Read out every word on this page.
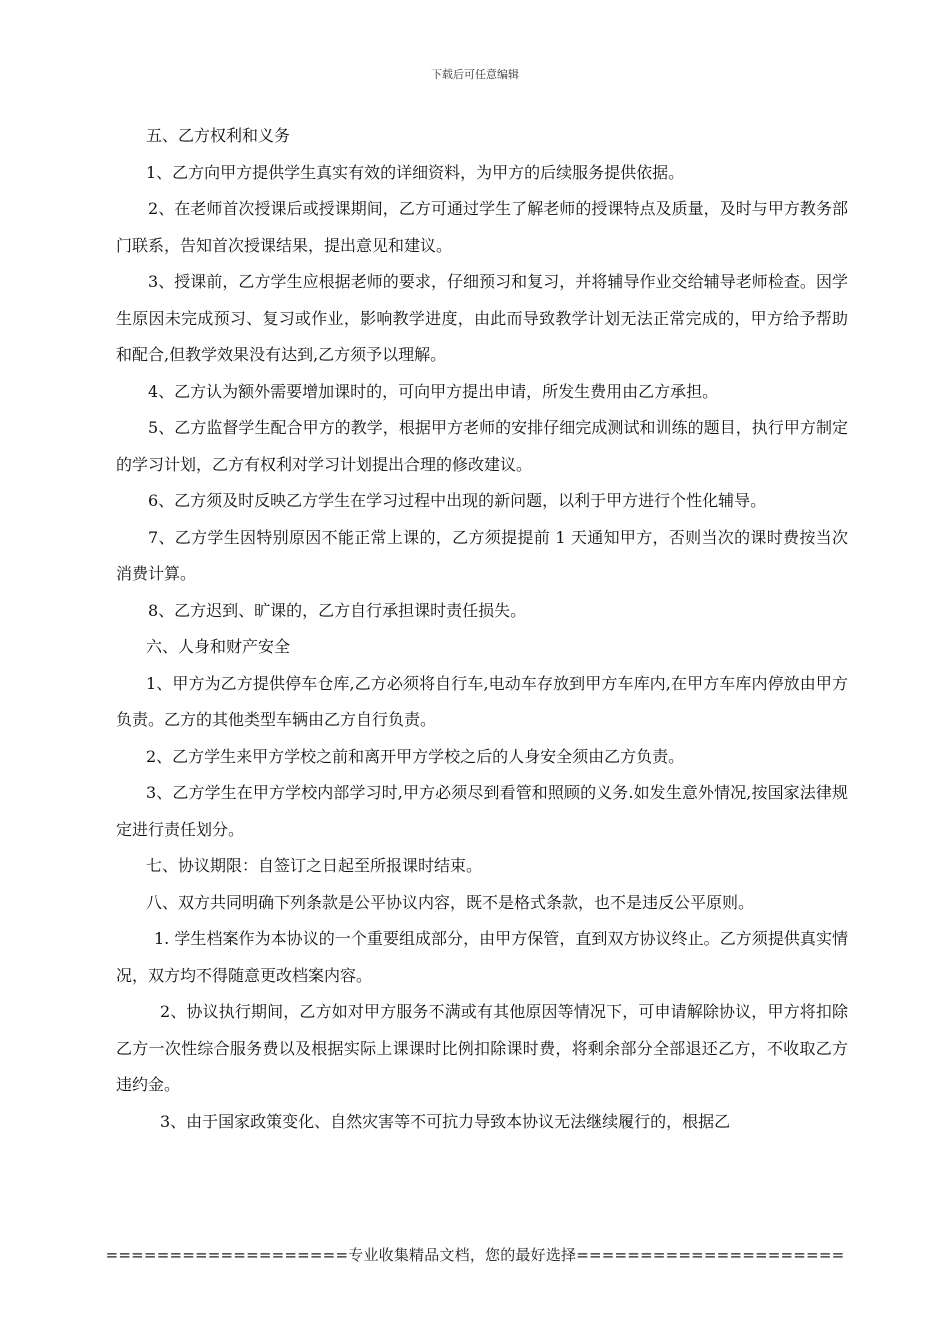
下载后可任意编辑

五、乙方权利和义务

1、乙方向甲方提供学生真实有效的详细资料，为甲方的后续服务提供依据。

2、在老师首次授课后或授课期间，乙方可通过学生了解老师的授课特点及质量，及时与甲方教务部门联系，告知首次授课结果，提出意见和建议。

3、授课前，乙方学生应根据老师的要求，仔细预习和复习，并将辅导作业交给辅导老师检查。因学生原因未完成预习、复习或作业，影响教学进度，由此而导致教学计划无法正常完成的，甲方给予帮助和配合,但教学效果没有达到,乙方须予以理解。

4、乙方认为额外需要增加课时的，可向甲方提出申请，所发生费用由乙方承担。

5、乙方监督学生配合甲方的教学，根据甲方老师的安排仔细完成测试和训练的题目，执行甲方制定的学习计划，乙方有权利对学习计划提出合理的修改建议。

6、乙方须及时反映乙方学生在学习过程中出现的新问题，以利于甲方进行个性化辅导。

7、乙方学生因特别原因不能正常上课的，乙方须提提前 1 天通知甲方，否则当次的课时费按当次消费计算。

8、乙方迟到、旷课的，乙方自行承担课时责任损失。

六、人身和财产安全

1、甲方为乙方提供停车仓库,乙方必须将自行车,电动车存放到甲方车库内,在甲方车库内停放由甲方负责。乙方的其他类型车辆由乙方自行负责。

2、乙方学生来甲方学校之前和离开甲方学校之后的人身安全须由乙方负责。

3、乙方学生在甲方学校内部学习时,甲方必须尽到看管和照顾的义务.如发生意外情况,按国家法律规定进行责任划分。

七、协议期限：自签订之日起至所报课时结束。

八、双方共同明确下列条款是公平协议内容，既不是格式条款，也不是违反公平原则。

1. 学生档案作为本协议的一个重要组成部分，由甲方保管，直到双方协议终止。乙方须提供真实情况，双方均不得随意更改档案内容。

2、协议执行期间，乙方如对甲方服务不满或有其他原因等情况下，可申请解除协议，甲方将扣除乙方一次性综合服务费以及根据实际上课课时比例扣除课时费，将剩余部分全部退还乙方，不收取乙方违约金。

3、由于国家政策变化、自然灾害等不可抗力导致本协议无法继续履行的，根据乙

===================专业收集精品文档，您的最好选择=====================
